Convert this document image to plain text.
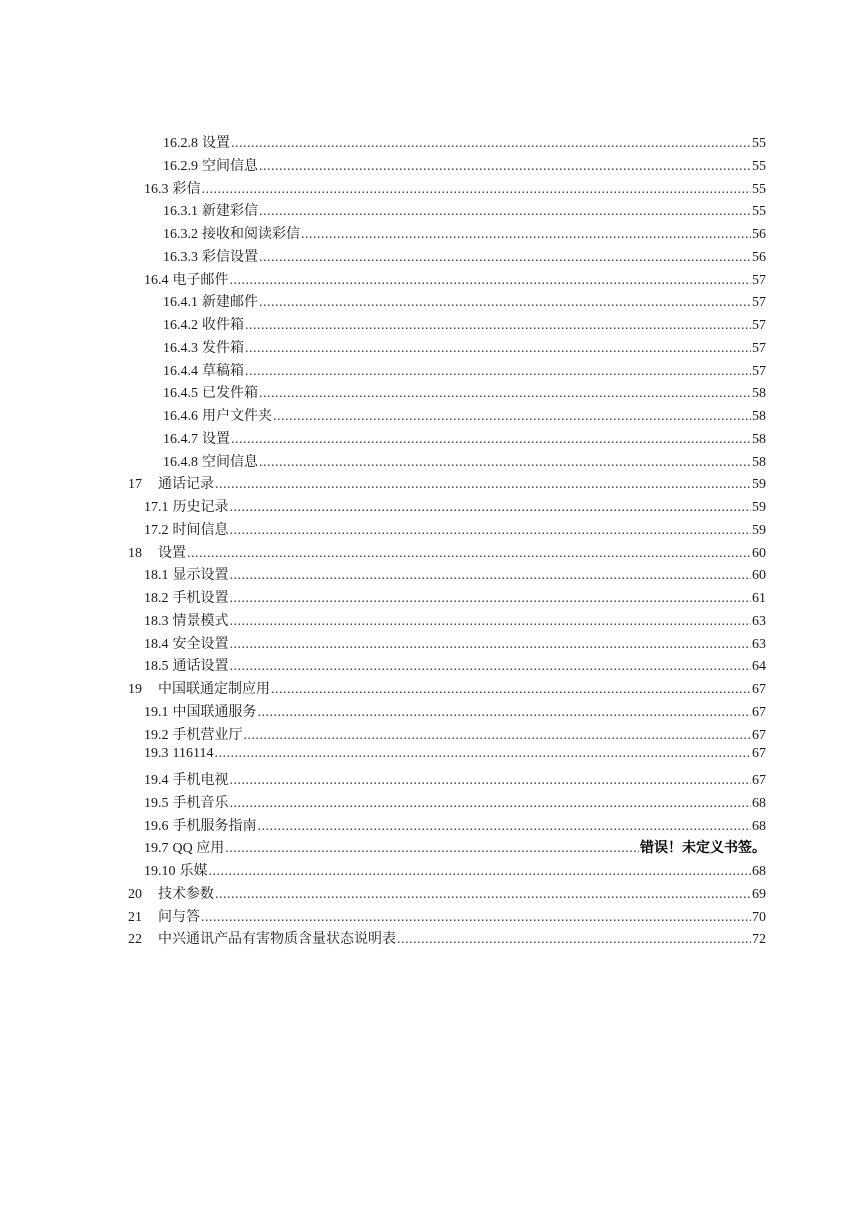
16.2.8 设置 .....	55
16.2.9 空间信息 .....	55
16.3 彩信 .....	55
16.3.1 新建彩信 .....	55
16.3.2 接收和阅读彩信 .....	56
16.3.3 彩信设置 .....	56
16.4 电子邮件 .....	57
16.4.1 新建邮件 .....	57
16.4.2 收件箱 .....	57
16.4.3 发件箱 .....	57
16.4.4 草稿箱 .....	57
16.4.5 已发件箱 .....	58
16.4.6 用户文件夹 .....	58
16.4.7 设置 .....	58
16.4.8 空间信息 .....	58
17	通话记录 .....	59
17.1 历史记录 .....	59
17.2 时间信息 .....	59
18	设置 .....	60
18.1 显示设置 .....	60
18.2 手机设置 .....	61
18.3 情景模式 .....	63
18.4 安全设置 .....	63
18.5 通话设置 .....	64
19	中国联通定制应用 .....	67
19.1 中国联通服务 .....	67
19.2 手机营业厅 .....	67
19.3 116114 .....	67
19.4 手机电视 .....	67
19.5 手机音乐 .....	68
19.6 手机服务指南 .....	68
19.7 QQ 应用 .....	错误！未定义书签。
19.10 乐媒 .....	68
20	技术参数 .....	69
21	问与答 .....	70
22	中兴通讯产品有害物质含量状态说明表 .....	72
